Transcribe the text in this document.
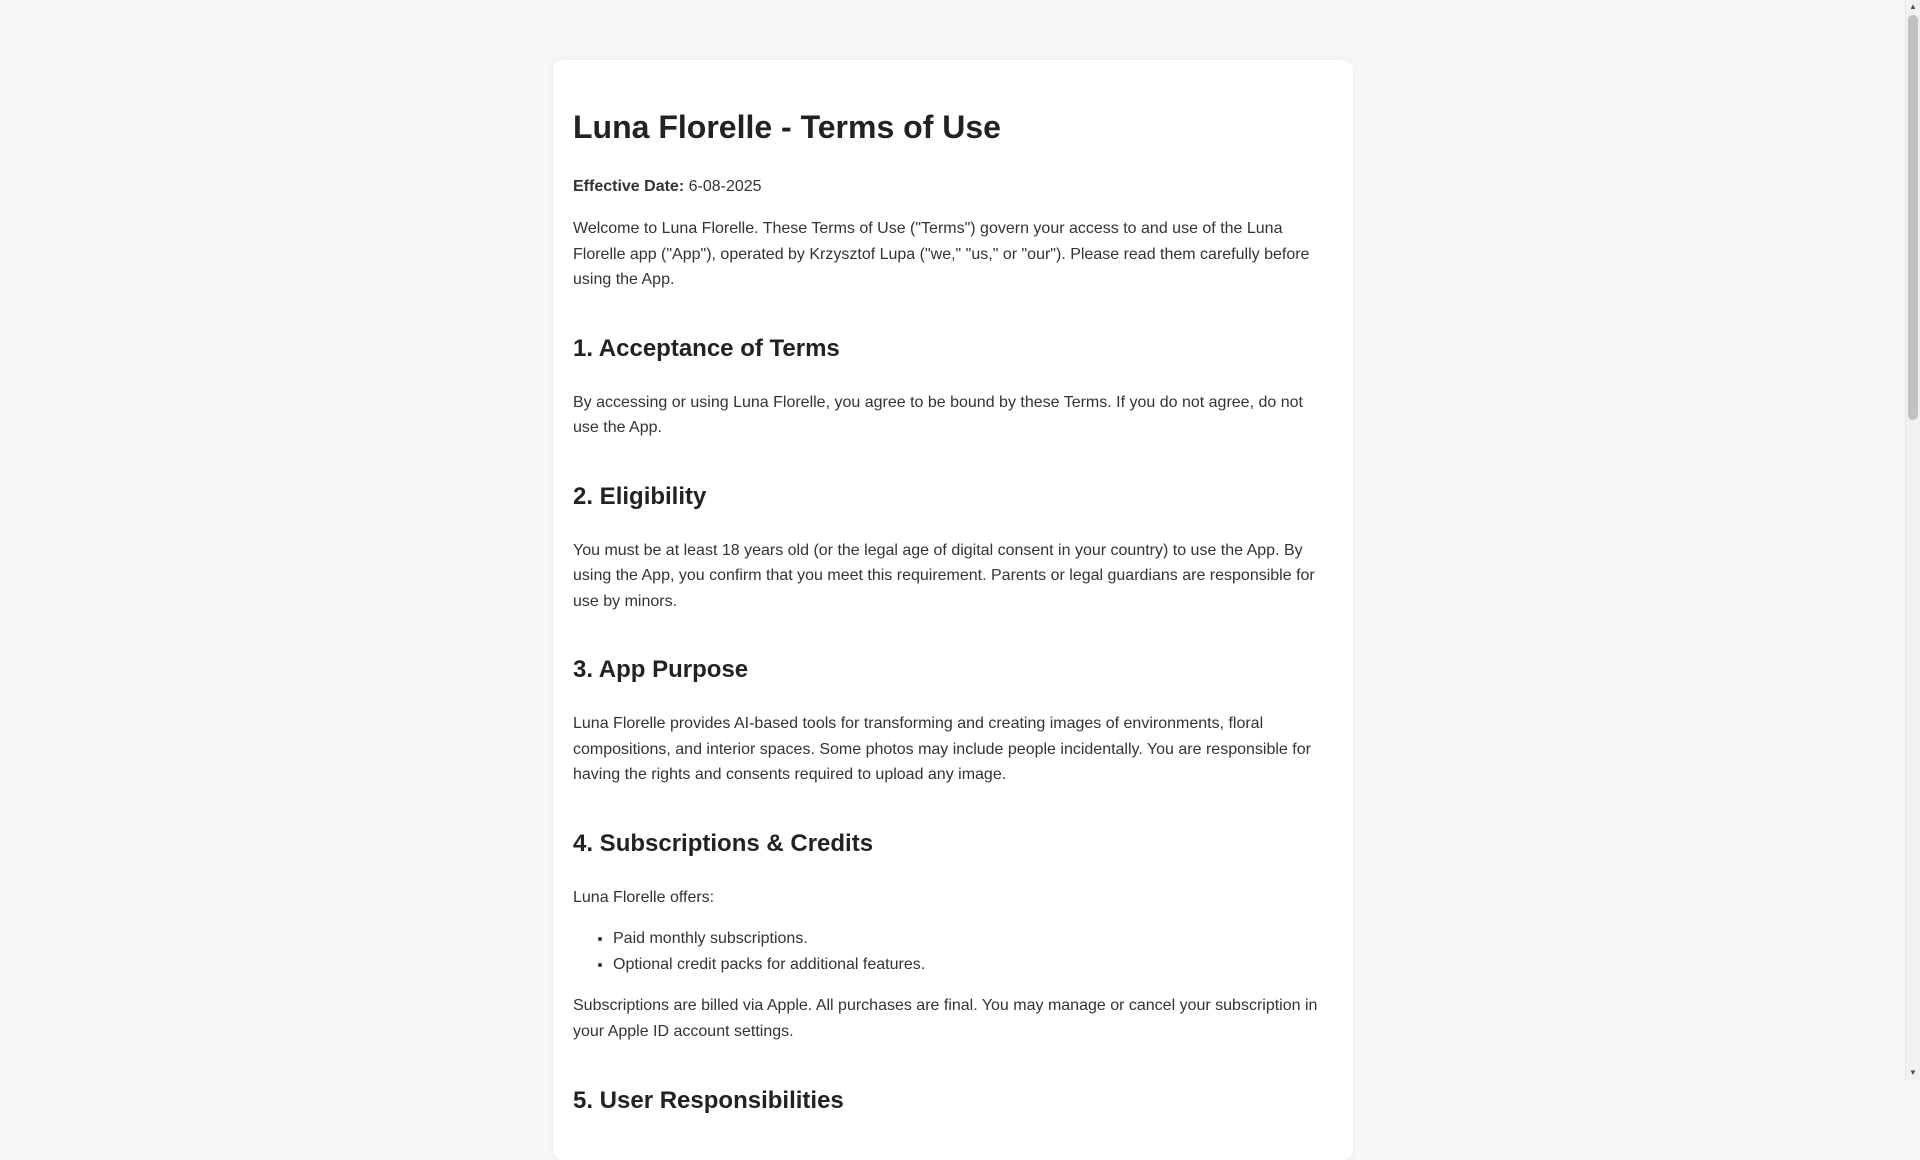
Luna Florelle - Terms of Use

Effective Date: 6-08-2025

Welcome to Luna Florelle. These Terms of Use ("Terms") govern your access to and use of the Luna Florelle app ("App"), operated by Krzysztof Lupa ("we," "us," or "our"). Please read them carefully before using the App.

1. Acceptance of Terms

By accessing or using Luna Florelle, you agree to be bound by these Terms. If you do not agree, do not use the App.

2. Eligibility

You must be at least 18 years old (or the legal age of digital consent in your country) to use the App. By using the App, you confirm that you meet this requirement. Parents or legal guardians are responsible for use by minors.

3. App Purpose

Luna Florelle provides AI-based tools for transforming and creating images of environments, floral compositions, and interior spaces. Some photos may include people incidentally. You are responsible for having the rights and consents required to upload any image.

4. Subscriptions & Credits

Luna Florelle offers:

• Paid monthly subscriptions.
• Optional credit packs for additional features.

Subscriptions are billed via Apple. All purchases are final. You may manage or cancel your subscription in your Apple ID account settings.

5. User Responsibilities
▲
▼
